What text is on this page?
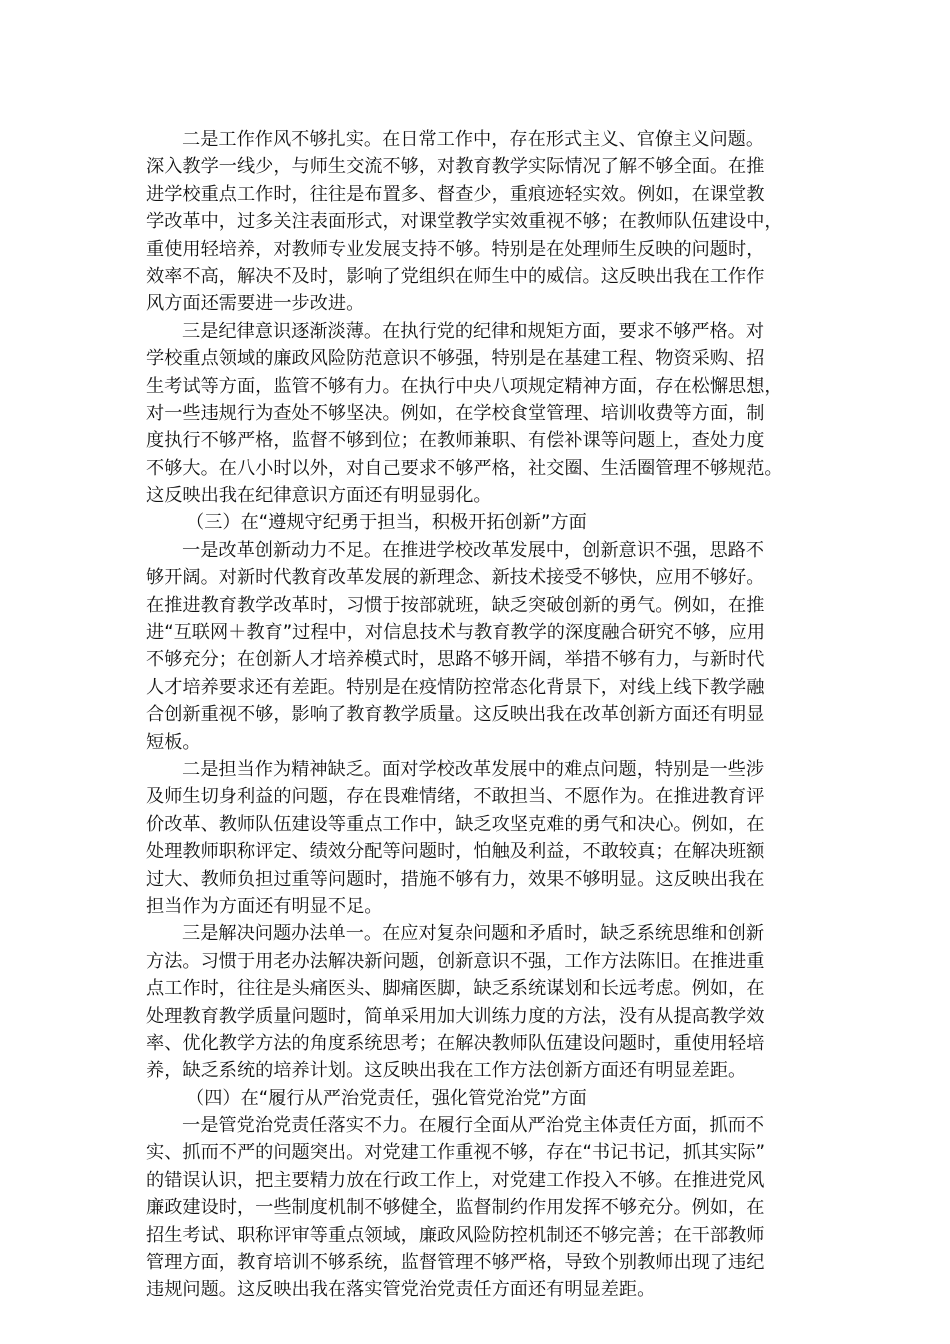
二是工作作风不够扎实。在日常工作中，存在形式主义、官僚主义问题。
深入教学一线少，与师生交流不够，对教育教学实际情况了解不够全面。在推
进学校重点工作时，往往是布置多、督查少，重痕迹轻实效。例如，在课堂教
学改革中，过多关注表面形式，对课堂教学实效重视不够；在教师队伍建设中，
重使用轻培养，对教师专业发展支持不够。特别是在处理师生反映的问题时，
效率不高，解决不及时，影响了党组织在师生中的威信。这反映出我在工作作
风方面还需要进一步改进。
三是纪律意识逐渐淡薄。在执行党的纪律和规矩方面，要求不够严格。对
学校重点领域的廉政风险防范意识不够强，特别是在基建工程、物资采购、招
生考试等方面，监管不够有力。在执行中央八项规定精神方面，存在松懈思想，
对一些违规行为查处不够坚决。例如，在学校食堂管理、培训收费等方面，制
度执行不够严格，监督不够到位；在教师兼职、有偿补课等问题上，查处力度
不够大。在八小时以外，对自己要求不够严格，社交圈、生活圈管理不够规范。
这反映出我在纪律意识方面还有明显弱化。
（三）在“遵规守纪勇于担当，积极开拓创新”方面
一是改革创新动力不足。在推进学校改革发展中，创新意识不强，思路不
够开阔。对新时代教育改革发展的新理念、新技术接受不够快，应用不够好。
在推进教育教学改革时，习惯于按部就班，缺乏突破创新的勇气。例如，在推
进“互联网＋教育”过程中，对信息技术与教育教学的深度融合研究不够，应用
不够充分；在创新人才培养模式时，思路不够开阔，举措不够有力，与新时代
人才培养要求还有差距。特别是在疫情防控常态化背景下，对线上线下教学融
合创新重视不够，影响了教育教学质量。这反映出我在改革创新方面还有明显
短板。
二是担当作为精神缺乏。面对学校改革发展中的难点问题，特别是一些涉
及师生切身利益的问题，存在畏难情绪，不敢担当、不愿作为。在推进教育评
价改革、教师队伍建设等重点工作中，缺乏攻坚克难的勇气和决心。例如，在
处理教师职称评定、绩效分配等问题时，怕触及利益，不敢较真；在解决班额
过大、教师负担过重等问题时，措施不够有力，效果不够明显。这反映出我在
担当作为方面还有明显不足。
三是解决问题办法单一。在应对复杂问题和矛盾时，缺乏系统思维和创新
方法。习惯于用老办法解决新问题，创新意识不强，工作方法陈旧。在推进重
点工作时，往往是头痛医头、脚痛医脚，缺乏系统谋划和长远考虑。例如，在
处理教育教学质量问题时，简单采用加大训练力度的方法，没有从提高教学效
率、优化教学方法的角度系统思考；在解决教师队伍建设问题时，重使用轻培
养，缺乏系统的培养计划。这反映出我在工作方法创新方面还有明显差距。
（四）在“履行从严治党责任，强化管党治党”方面
一是管党治党责任落实不力。在履行全面从严治党主体责任方面，抓而不
实、抓而不严的问题突出。对党建工作重视不够，存在“书记书记，抓其实际”
的错误认识，把主要精力放在行政工作上，对党建工作投入不够。在推进党风
廉政建设时，一些制度机制不够健全，监督制约作用发挥不够充分。例如，在
招生考试、职称评审等重点领域，廉政风险防控机制还不够完善；在干部教师
管理方面，教育培训不够系统，监督管理不够严格，导致个别教师出现了违纪
违规问题。这反映出我在落实管党治党责任方面还有明显差距。
